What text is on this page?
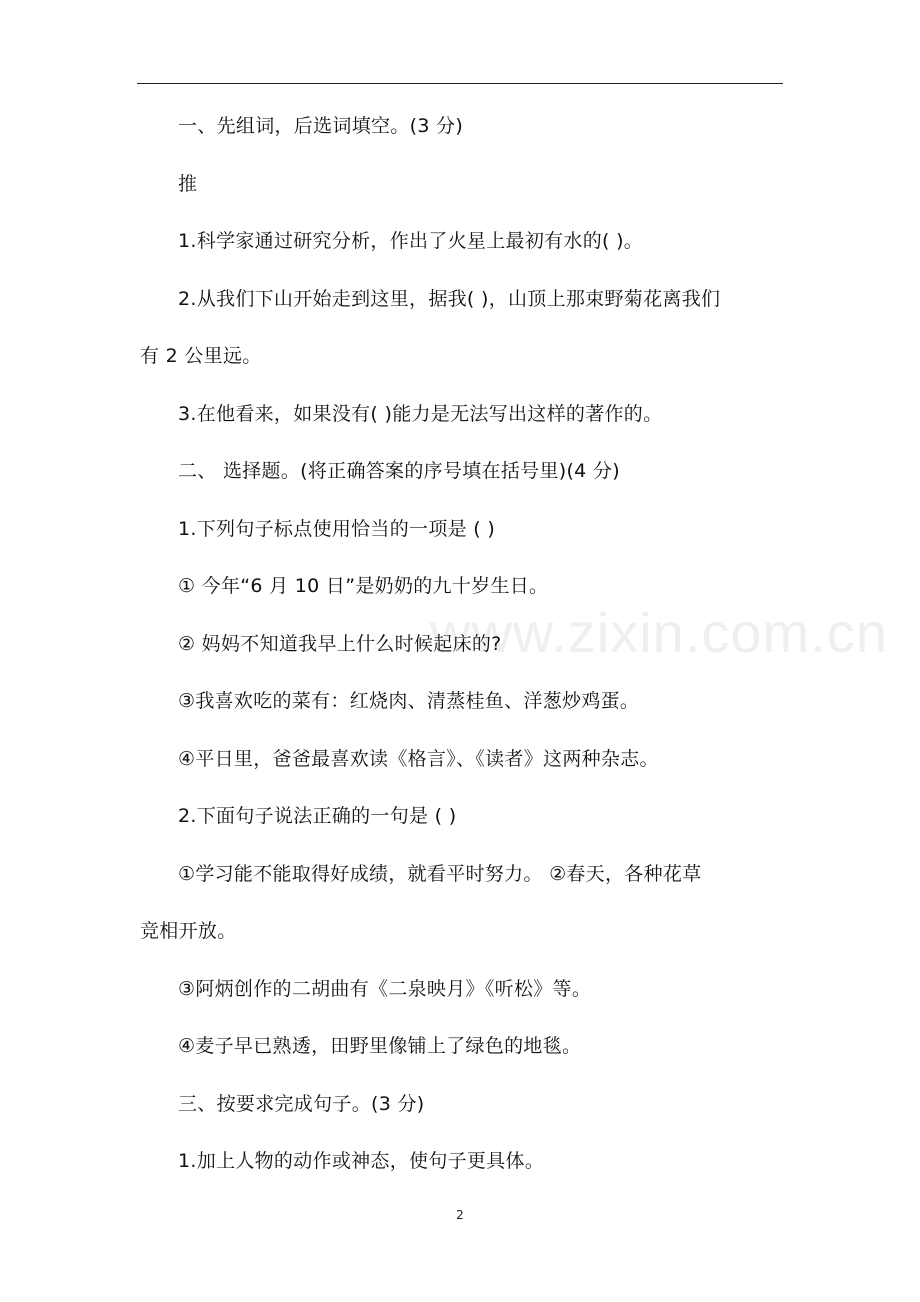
www.zixin.com.cn
一、先组词，后选词填空。(3 分)
推
1.科学家通过研究分析，作出了火星上最初有水的( )。
2.从我们下山开始走到这里，据我( )，山顶上那束野菊花离我们
有 2 公里远。
3.在他看来，如果没有( )能力是无法写出这样的著作的。
二、 选择题。(将正确答案的序号填在括号里)(4 分)
1.下列句子标点使用恰当的一项是 ( )
① 今年“6 月 10 日”是奶奶的九十岁生日。
② 妈妈不知道我早上什么时候起床的?
③我喜欢吃的菜有：红烧肉、清蒸桂鱼、洋葱炒鸡蛋。
④平日里，爸爸最喜欢读《格言》、《读者》这两种杂志。
2.下面句子说法正确的一句是 ( )
①学习能不能取得好成绩，就看平时努力。 ②春天，各种花草
竞相开放。
③阿炳创作的二胡曲有《二泉映月》《听松》等。
④麦子早已熟透，田野里像铺上了绿色的地毯。
三、按要求完成句子。(3 分)
1.加上人物的动作或神态，使句子更具体。
2
